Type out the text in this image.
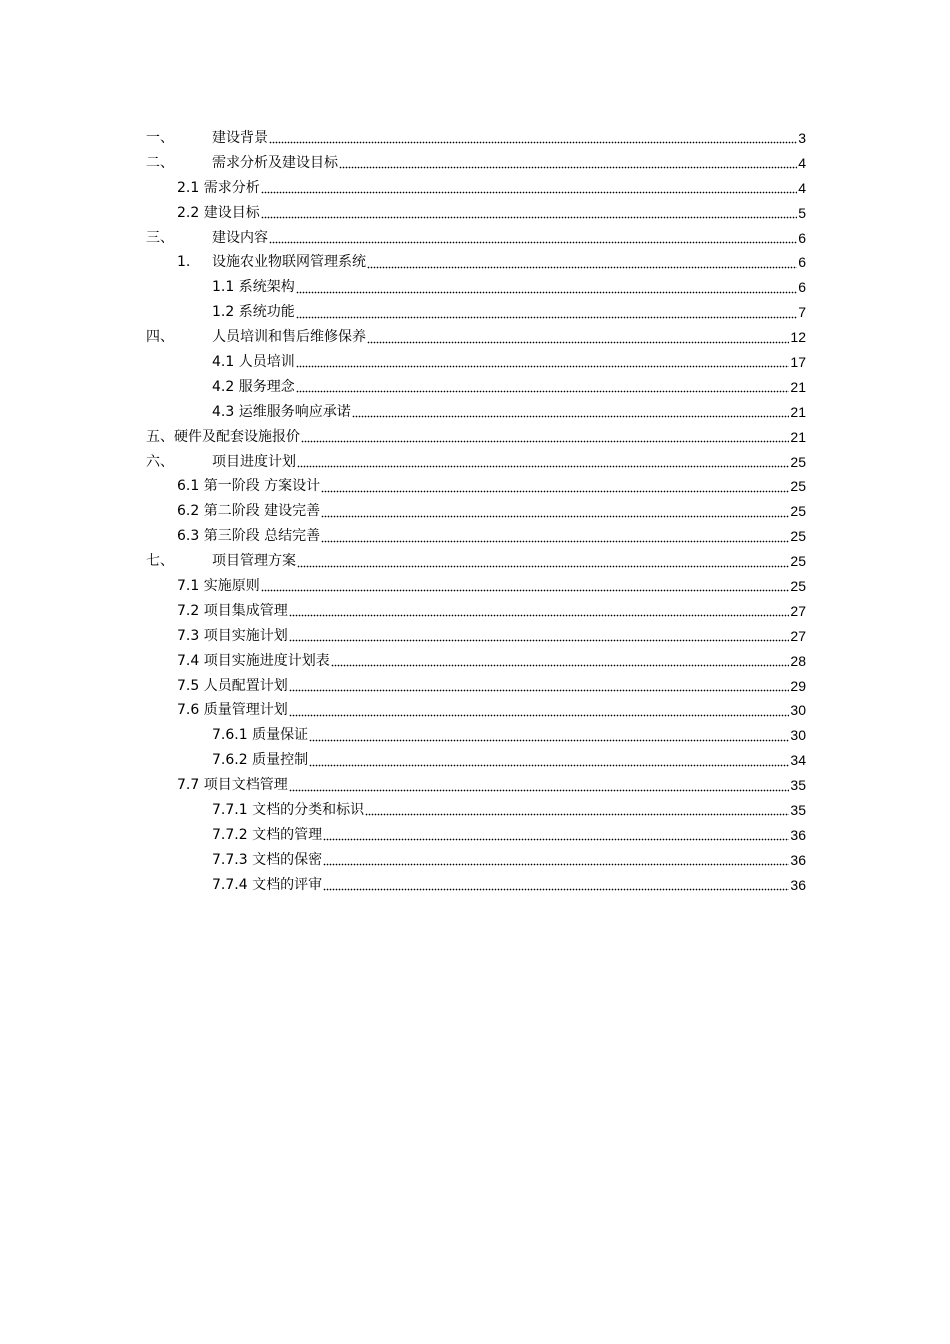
一、	建设背景	3
二、	需求分析及建设目标	4
2.1 需求分析	4
2.2 建设目标	5
三、	建设内容	6
1.	设施农业物联网管理系统	6
1.1 系统架构	6
1.2 系统功能	7
四、	人员培训和售后维修保养	12
4.1 人员培训	17
4.2 服务理念	21
4.3 运维服务响应承诺	21
五、硬件及配套设施报价	21
六、	项目进度计划	25
6.1 第一阶段 方案设计	25
6.2 第二阶段 建设完善	25
6.3 第三阶段 总结完善	25
七、	项目管理方案	25
7.1 实施原则	25
7.2 项目集成管理	27
7.3 项目实施计划	27
7.4 项目实施进度计划表	28
7.5 人员配置计划	29
7.6 质量管理计划	30
7.6.1 质量保证	30
7.6.2 质量控制	34
7.7 项目文档管理	35
7.7.1 文档的分类和标识	35
7.7.2 文档的管理	36
7.7.3 文档的保密	36
7.7.4 文档的评审	36
